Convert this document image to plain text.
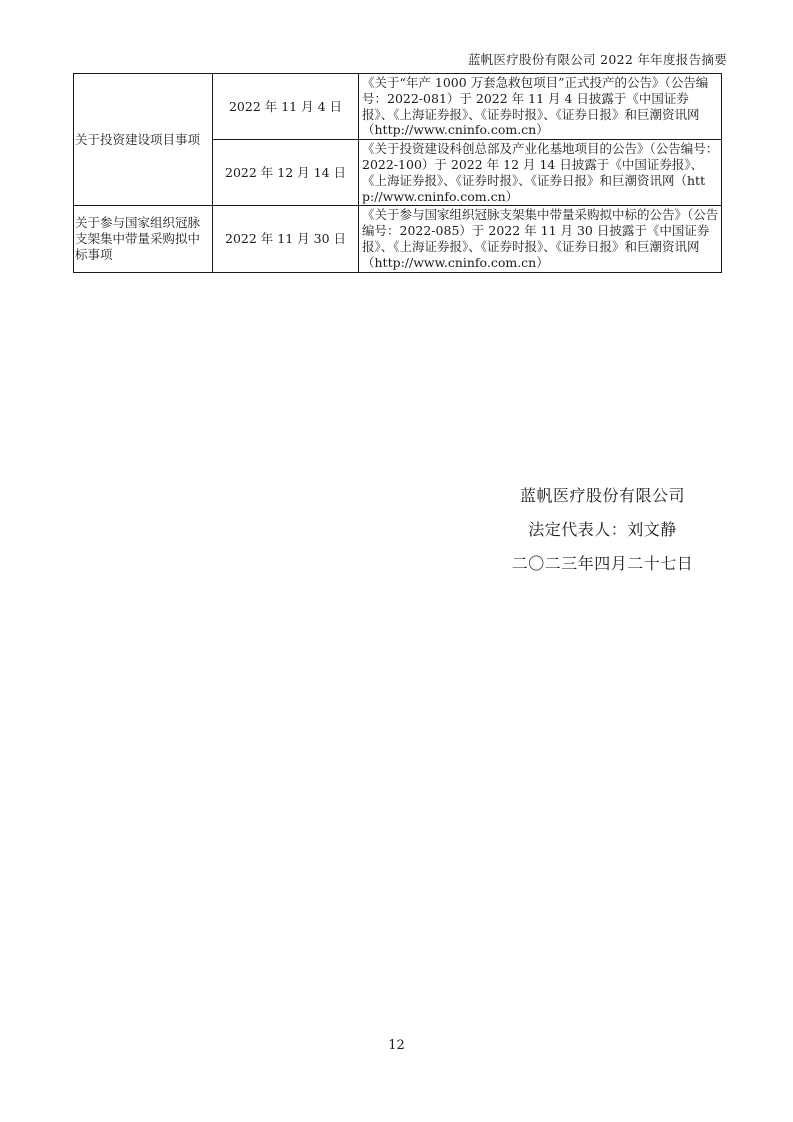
蓝帆医疗股份有限公司 2022 年年度报告摘要
关于投资建设项目事项	2022 年 11 月 4 日	《关于“年产 1000 万套急救包项目”正式投产的公告》（公告编号：2022-081）于 2022 年 11 月 4 日披露于《中国证券报》、《上海证券报》、《证券时报》、《证券日报》和巨潮资讯网（http://www.cninfo.com.cn）
	2022 年 12 月 14 日	《关于投资建设科创总部及产业化基地项目的公告》（公告编号：2022-100）于 2022 年 12 月 14 日披露于《中国证券报》、《上海证券报》、《证券时报》、《证券日报》和巨潮资讯网（http://www.cninfo.com.cn）
关于参与国家组织冠脉支架集中带量采购拟中标事项	2022 年 11 月 30 日	《关于参与国家组织冠脉支架集中带量采购拟中标的公告》（公告编号：2022-085）于 2022 年 11 月 30 日披露于《中国证券报》、《上海证券报》、《证券时报》、《证券日报》和巨潮资讯网（http://www.cninfo.com.cn）
蓝帆医疗股份有限公司
法定代表人：刘文静
二〇二三年四月二十七日
12
